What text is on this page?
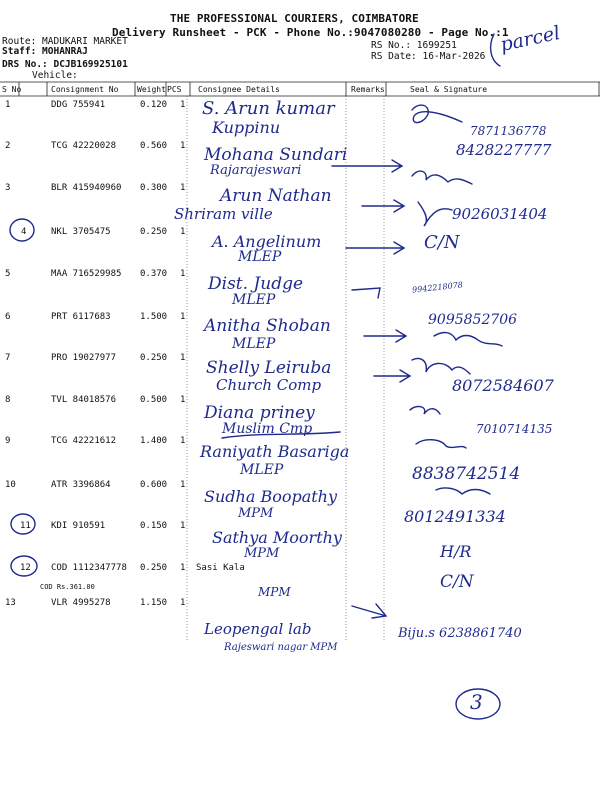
THE PROFESSIONAL COURIERS, COIMBATORE
Delivery Runsheet - PCK - Phone No.:9047080280 - Page No.:1
Route: MADUKARI MARKET
Staff: MOHANRAJ
DRS No.: DCJB169925101
Vehicle:
RS No.: 1699251
RS Date: 16-Mar-2026
parcel
S No	Consignment No Weight PCS Consignee Details	Remarks	Seal & Signature
1	DDG 755941	0.120 1 S. Arun kumar
Kuppinu	7871136778
2	TCG 42220028	0.560 1 Mohana Sundari
Rajarajeswari
8428227777
3	BLR 415940960 0.300 1 Arun Nathan
Shriram ville	9026031404
4	NKL 3705475	0.250 1 A. Angelinum
MLEP
C/N
5	MAA 716529985 0.370 1 Dist. Judge
MLEP
9942218078
6	PRT 6117683	1.500 1 Anitha Shoban
MLEP
9095852706
7	PRO 19027977	0.250 1 Shelly Leiruba
Church Comp	8072584607
8	TVL 84018576	0.500 1
Diana priney
Muslim Cmp	7010714135
9	TCG 42221612	1.400 1
Raniyath Basariga
MLEP	8838742514
10	ATR 3396864	0.600 1
Sudha Boopathy
MPM	8012491334
11 KDI 910591	0.150 1
Sathya Moorthy
MPM	H/R
12 COD 1112347778 0.250 1 Sasi Kala
COD Rs.361.00	MPM	C/N
13	VLR 4995278	1.150 1
Leopengal lab
Rajeswari nagar MPM
Biju.s 6238861740
3
